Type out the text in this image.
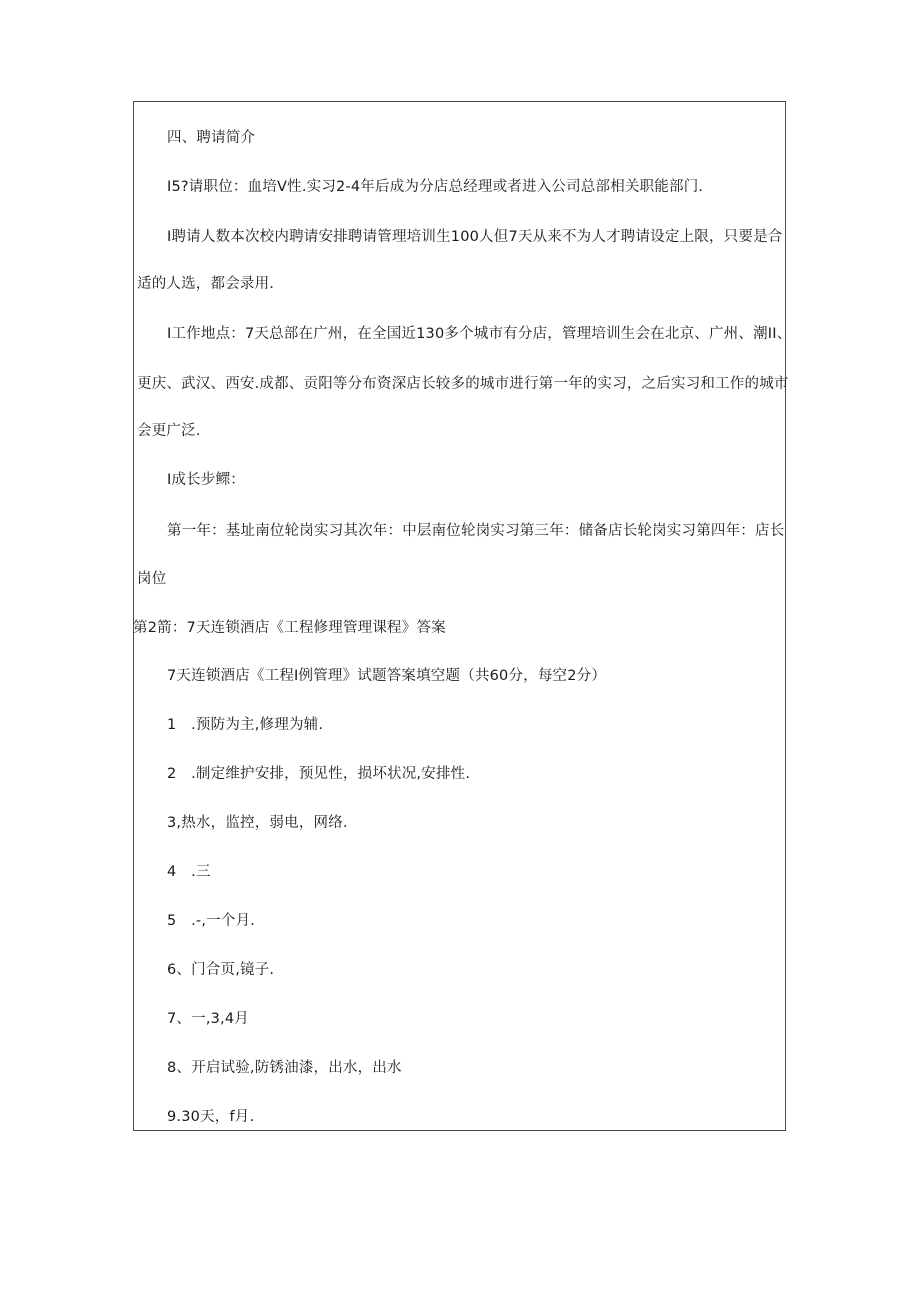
四、聘请简介
I5?请职位：血培V性.实习2-4年后成为分店总经理或者进入公司总部相关职能部门.
I聘请人数本次校内聘请安排聘请管理培训生100人但7天从来不为人才聘请设定上限，只要是合
适的人选，都会录用.
I工作地点：7天总部在广州，在全国近130多个城市有分店，管理培训生会在北京、广州、潮II、
更庆、武汉、西安.成都、贡阳等分布资深店长较多的城市进行第一年的实习，之后实习和工作的城市
会更广泛.
I成长步鳏：
第一年：基址南位轮岗实习其次年：中层南位轮岗实习第三年：储备店长轮岗实习第四年：店长
岗位
第2箭：7天连锁酒店《工程修理管理课程》答案
7天连锁酒店《工程I例管理》试题答案填空题（共60分，每空2分）
1　.预防为主,修理为辅.
2　.制定维护安排，预见性，损坏状况,安排性.
3,热水，监控，弱电，网络.
4　.三
5　.-,一个月.
6、门合页,镜子.
7、一,3,4月
8、开启试验,防锈油漆，出水，出水
9.30天，f月.
